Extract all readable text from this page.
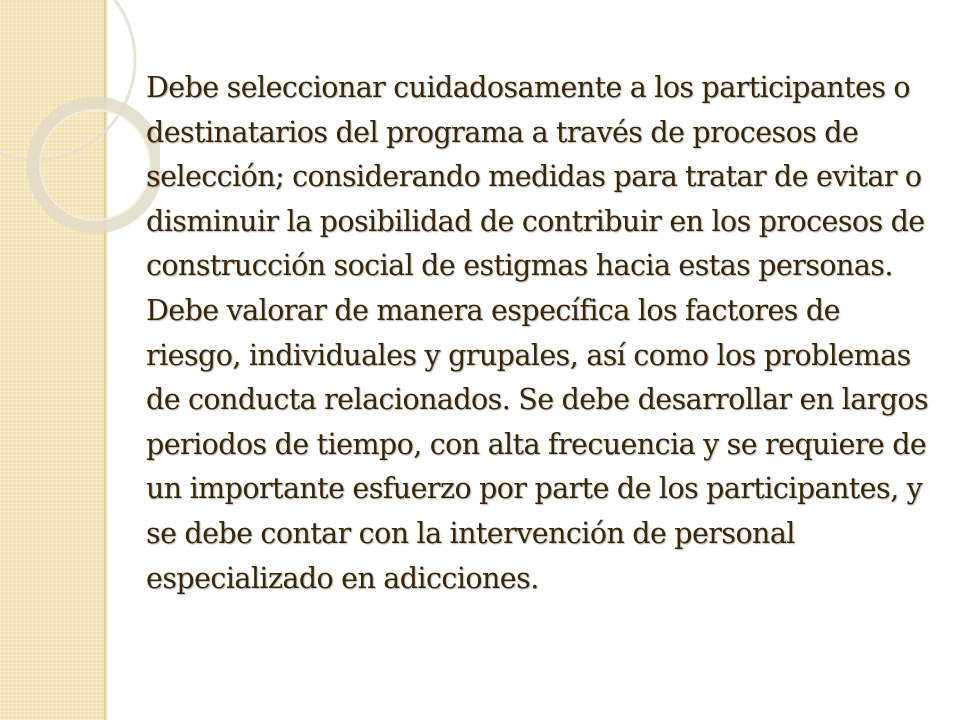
Debe seleccionar cuidadosamente a los participantes o destinatarios del programa a través de procesos de selección; considerando medidas para tratar de evitar o disminuir la posibilidad de contribuir en los procesos de construcción social de estigmas hacia estas personas. Debe valorar de manera específica los factores de riesgo, individuales y grupales, así como los problemas de conducta relacionados. Se debe desarrollar en largos periodos de tiempo, con alta frecuencia y se requiere de un importante esfuerzo por parte de los participantes, y se debe contar con la intervención de personal especializado en adicciones.
